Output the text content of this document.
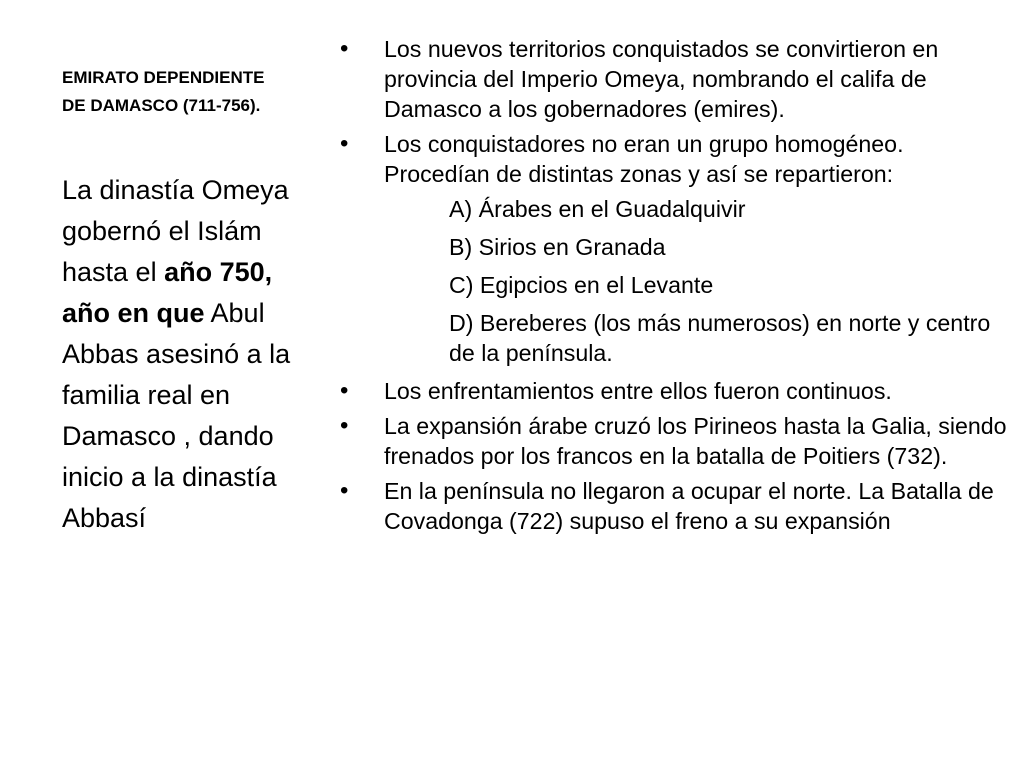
EMIRATO DEPENDIENTE
DE DAMASCO (711-756).
La dinastía Omeya gobernó el Islám hasta el año 750, año en que Abul Abbas asesinó a la familia real en Damasco , dando inicio a la dinastía Abbasí
• Los nuevos territorios conquistados se convirtieron en provincia del Imperio Omeya, nombrando el califa de Damasco a los gobernadores (emires).
• Los conquistadores no eran un grupo homogéneo. Procedían de distintas zonas y así se repartieron:
A) Árabes en el Guadalquivir
B) Sirios en Granada
C) Egipcios en el Levante
D) Bereberes (los más numerosos) en norte y centro de la península.
• Los enfrentamientos entre ellos fueron continuos.
• La expansión árabe cruzó los Pirineos hasta la Galia, siendo frenados por los francos en la batalla de Poitiers (732).
• En la península no llegaron a ocupar el norte. La Batalla de Covadonga (722) supuso el freno a su expansión
